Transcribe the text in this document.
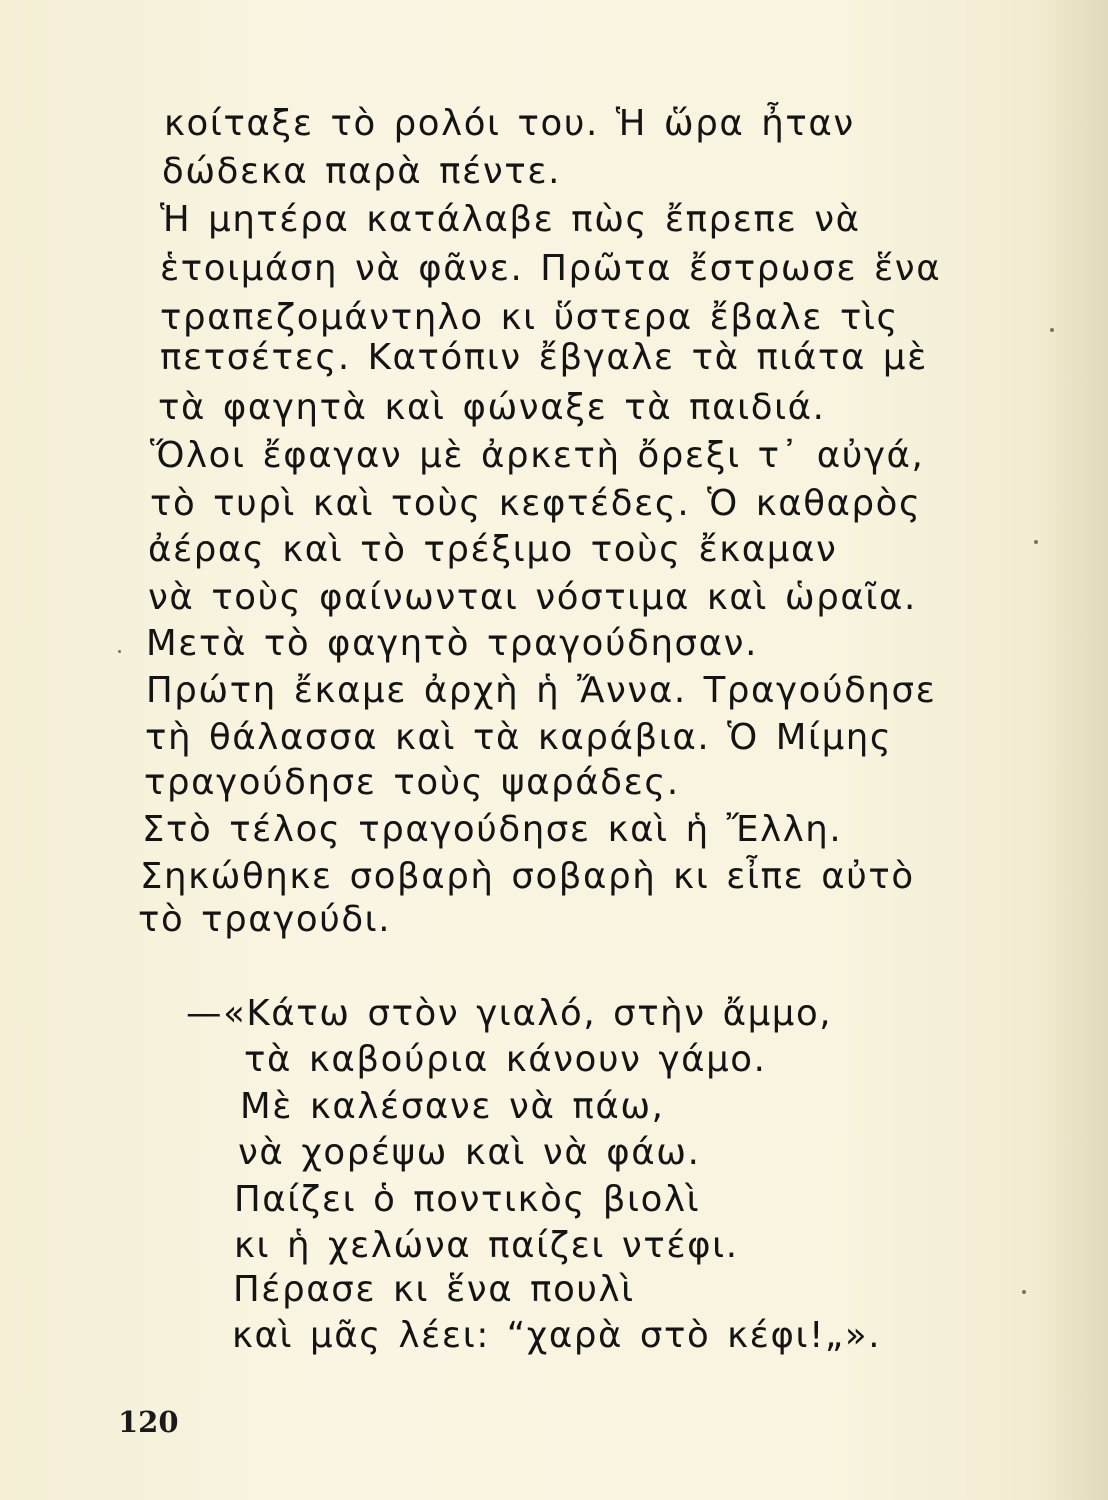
κοίταξε τὸ ρολόι του. Ἡ ὥρα ἦταν
δώδεκα παρὰ πέντε.
Ἡ μητέρα κατάλαβε πὼς ἔπρεπε νὰ
ἑτοιμάση νὰ φᾶνε. Πρῶτα ἔστρωσε ἕνα
τραπεζομάντηλο κι ὕστερα ἔβαλε τὶς
πετσέτες. Κατόπιν ἔβγαλε τὰ πιάτα μὲ
τὰ φαγητὰ καὶ φώναξε τὰ παιδιά.
Ὅλοι ἔφαγαν μὲ ἀρκετὴ ὄρεξι τ᾿ αὐγά,
τὸ τυρὶ καὶ τοὺς κεφτέδες. Ὁ καθαρὸς
ἀέρας καὶ τὸ τρέξιμο τοὺς ἔκαμαν
νὰ τοὺς φαίνωνται νόστιμα καὶ ὡραῖα.
Μετὰ τὸ φαγητὸ τραγούδησαν.
Πρώτη ἔκαμε ἀρχὴ ἡ Ἄννα. Τραγούδησε
τὴ θάλασσα καὶ τὰ καράβια. Ὁ Μίμης
τραγούδησε τοὺς ψαράδες.
Στὸ τέλος τραγούδησε καὶ ἡ Ἔλλη.
Σηκώθηκε σοβαρὴ σοβαρὴ κι εἶπε αὐτὸ
τὸ τραγούδι.
—«Κάτω στὸν γιαλό, στὴν ἄμμο,
τὰ καβούρια κάνουν γάμο.
Μὲ καλέσανε νὰ πάω,
νὰ χορέψω καὶ νὰ φάω.
Παίζει ὁ ποντικὸς βιολὶ
κι ἡ χελώνα παίζει ντέφι.
Πέρασε κι ἕνα πουλὶ
καὶ μᾶς λέει: “χαρὰ στὸ κέφι!„».
120
